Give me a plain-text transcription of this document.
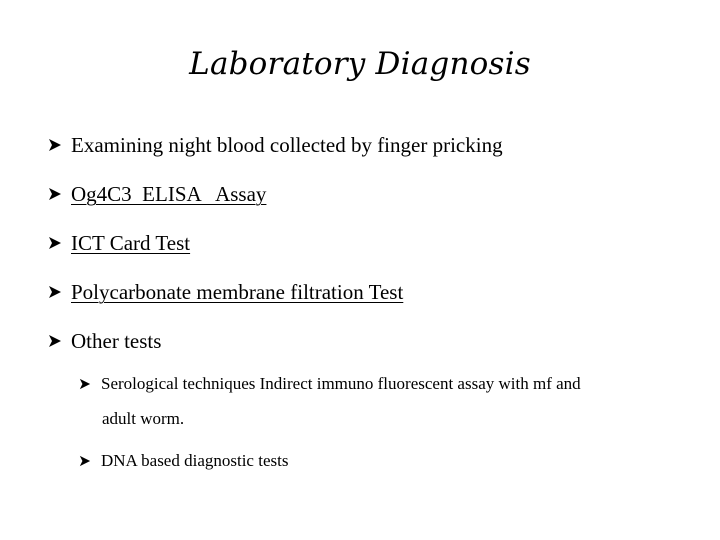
Laboratory Diagnosis
Examining night blood collected by finger pricking
Og4C3  ELISA   Assay
ICT Card Test
Polycarbonate membrane filtration Test
Other tests
Serological techniques Indirect immuno fluorescent assay with mf and
adult worm.
DNA based diagnostic tests
